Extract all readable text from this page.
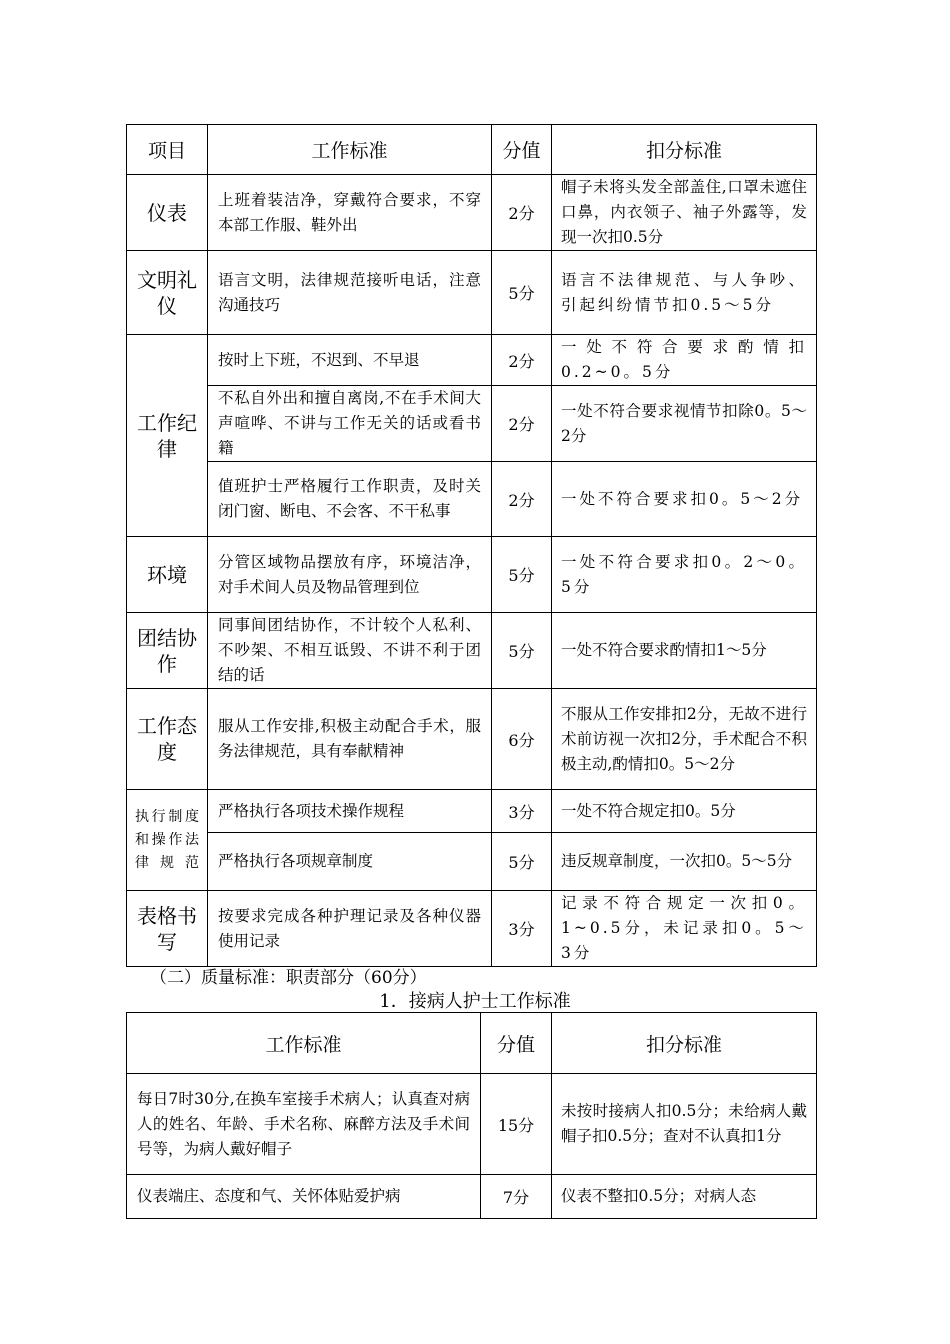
项目	工作标准	分值	扣分标准
仪表	上班着装洁净，穿戴符合要求，不穿本部工作服、鞋外出	2分	帽子未将头发全部盖住,口罩未遮住口鼻，内衣领子、袖子外露等，发现一次扣0.5分
文明礼仪	语言文明，法律规范接听电话，注意沟通技巧	5分	语言不法律规范、与人争吵、引起纠纷情节扣0.5～5分
工作纪律	按时上下班，不迟到、不早退	2分	一处不符合要求酌情扣0.2~0。5分
	不私自外出和擅自离岗,不在手术间大声喧哗、不讲与工作无关的话或看书籍	2分	一处不符合要求视情节扣除0。5～2分
	值班护士严格履行工作职责，及时关闭门窗、断电、不会客、不干私事	2分	一处不符合要求扣0。5～2分
环境	分管区域物品摆放有序，环境洁净，对手术间人员及物品管理到位	5分	一处不符合要求扣0。2～0。5分
团结协作	同事间团结协作，不计较个人私利、不吵架、不相互诋毁、不讲不利于团结的话	5分	一处不符合要求酌情扣1～5分
工作态度	服从工作安排,积极主动配合手术，服务法律规范，具有奉献精神	6分	不服从工作安排扣2分，无故不进行术前访视一次扣2分，手术配合不积极主动,酌情扣0。5～2分
执行制度和操作法律规范	严格执行各项技术操作规程	3分	一处不符合规定扣0。5分
	严格执行各项规章制度	5分	违反规章制度，一次扣0。5～5分
表格书写	按要求完成各种护理记录及各种仪器使用记录	3分	记录不符合规定一次扣0。1~0.5分，未记录扣0。5～3分
（二）质量标准：职责部分（60分）
1．接病人护士工作标准
工作标准	分值	扣分标准
每日7时30分,在换车室接手术病人；认真查对病人的姓名、年龄、手术名称、麻醉方法及手术间号等，为病人戴好帽子	15分	未按时接病人扣0.5分；未给病人戴帽子扣0.5分；查对不认真扣1分
仪表端庄、态度和气、关怀体贴爱护病	7分	仪表不整扣0.5分；对病人态
